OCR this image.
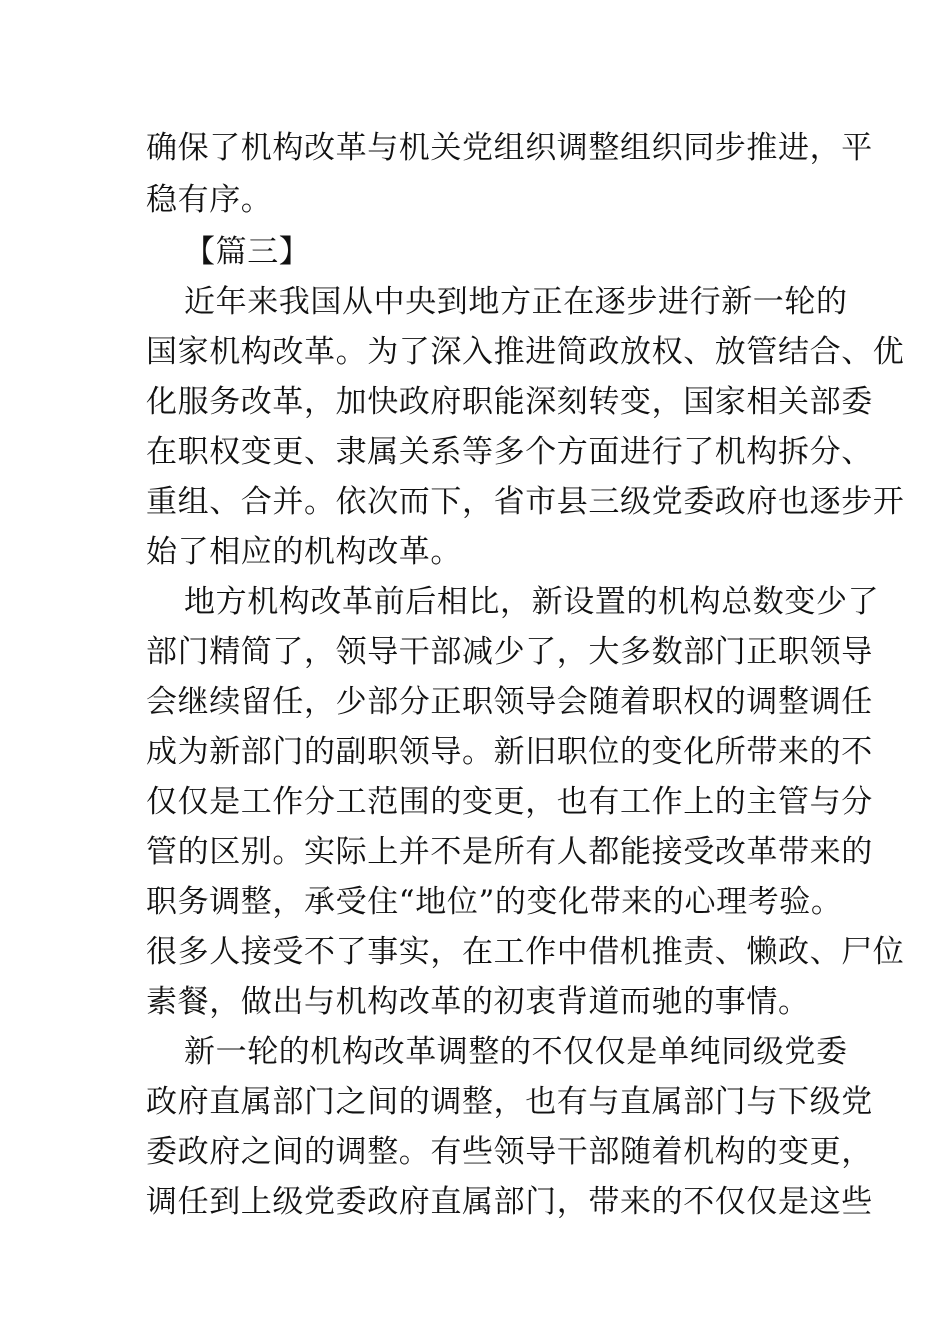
确保了机构改革与机关党组织调整组织同步推进，平
稳有序。
【篇三】
近年来我国从中央到地方正在逐步进行新一轮的
国家机构改革。为了深入推进简政放权、放管结合、优
化服务改革，加快政府职能深刻转变，国家相关部委
在职权变更、隶属关系等多个方面进行了机构拆分、
重组、合并。依次而下，省市县三级党委政府也逐步开
始了相应的机构改革。
地方机构改革前后相比，新设置的机构总数变少了
部门精简了，领导干部减少了，大多数部门正职领导
会继续留任，少部分正职领导会随着职权的调整调任
成为新部门的副职领导。新旧职位的变化所带来的不
仅仅是工作分工范围的变更，也有工作上的主管与分
管的区别。实际上并不是所有人都能接受改革带来的
职务调整，承受住“地位”的变化带来的心理考验。
很多人接受不了事实，在工作中借机推责、懒政、尸位
素餐，做出与机构改革的初衷背道而驰的事情。
新一轮的机构改革调整的不仅仅是单纯同级党委
政府直属部门之间的调整，也有与直属部门与下级党
委政府之间的调整。有些领导干部随着机构的变更，
调任到上级党委政府直属部门，带来的不仅仅是这些
